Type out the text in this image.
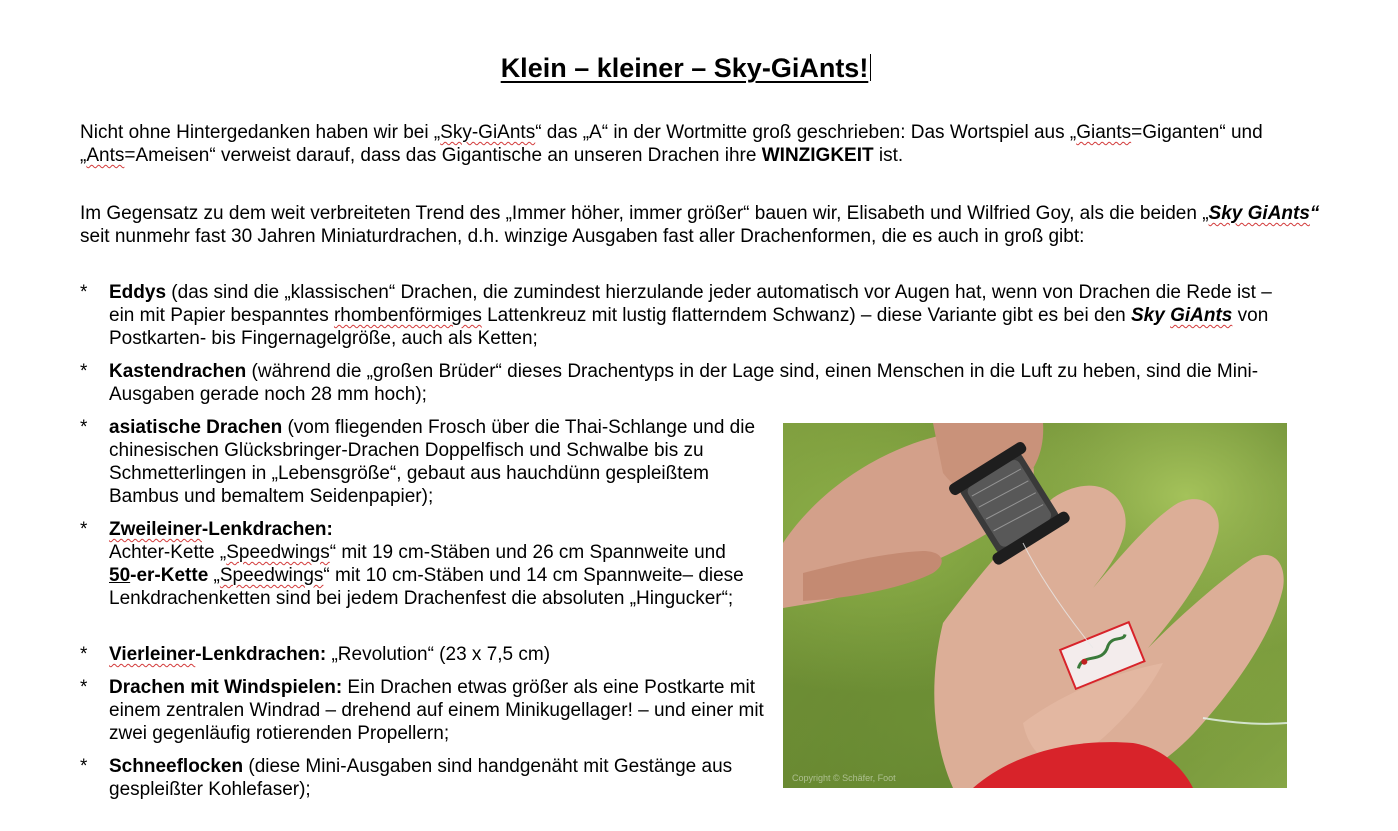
Klein – kleiner – Sky-GiAnts!

Nicht ohne Hintergedanken haben wir bei „Sky-GiAnts“ das „A“ in der Wortmitte groß geschrieben: Das Wortspiel aus „Giants=Giganten“ und „Ants=Ameisen“ verweist darauf, dass das Gigantische an unseren Drachen ihre WINZIGKEIT ist.

Im Gegensatz zu dem weit verbreiteten Trend des „Immer höher, immer größer“ bauen wir, Elisabeth und Wilfried Goy, als die beiden „Sky GiAnts“ seit nunmehr fast 30 Jahren Miniaturdrachen, d.h. winzige Ausgaben fast aller Drachenformen, die es auch in groß gibt:

* Eddys (das sind die „klassischen“ Drachen, die zumindest hierzulande jeder automatisch vor Augen hat, wenn von Drachen die Rede ist – ein mit Papier bespanntes rhombenförmiges Lattenkreuz mit lustig flatterndem Schwanz) – diese Variante gibt es bei den Sky GiAnts von Postkarten- bis Fingernagelgröße, auch als Ketten;
* Kastendrachen (während die „großen Brüder“ dieses Drachentyps in der Lage sind, einen Menschen in die Luft zu heben, sind die Mini-Ausgaben gerade noch 28 mm hoch);
* asiatische Drachen (vom fliegenden Frosch über die Thai-Schlange und die chinesischen Glücksbringer-Drachen Doppelfisch und Schwalbe bis zu Schmetterlingen in „Lebensgröße“, gebaut aus hauchdünn gespleißtem Bambus und bemaltem Seidenpapier);
* Zweileiner-Lenkdrachen:
Achter-Kette „Speedwings“ mit 19 cm-Stäben und 26 cm Spannweite und
50-er-Kette „Speedwings“ mit 10 cm-Stäben und 14 cm Spannweite– diese Lenkdrachenketten sind bei jedem Drachenfest die absoluten „Hingucker“;
* Vierleiner-Lenkdrachen: „Revolution“ (23 x 7,5 cm)
* Drachen mit Windspielen: Ein Drachen etwas größer als eine Postkarte mit einem zentralen Windrad – drehend auf einem Minikugellager! – und einer mit zwei gegenläufig rotierenden Propellern;
* Schneeflocken (diese Mini-Ausgaben sind handgenäht mit Gestänge aus gespleißter Kohlefaser);
Copyright © Schäfer, Foot
